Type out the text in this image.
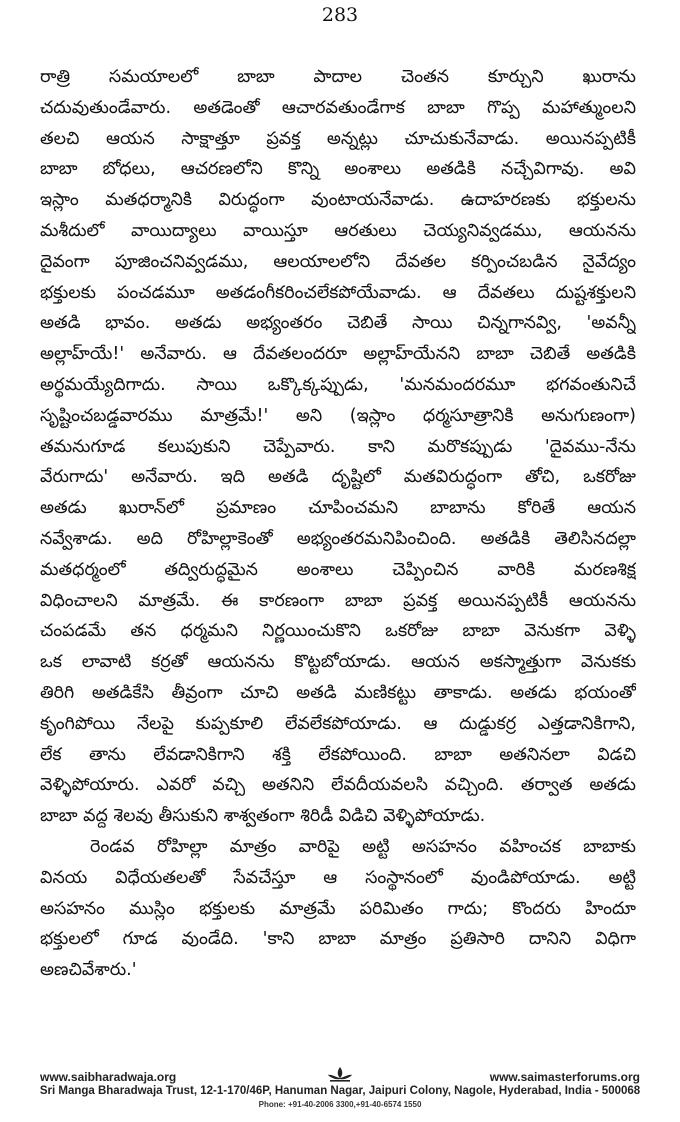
283
రాత్రి సమయాలలో బాబా పాదాల చెంతన కూర్చుని ఖురాను
చదువుతుండేవారు. అతడెంతో ఆచారవతుండేగాక బాబా గొప్ప మహాత్ముంలని
తలచి ఆయన సాక్షాత్తూ ప్రవక్త అన్నట్లు చూచుకునేవాడు. అయినప్పటికీ
బాబా బోధలు, ఆచరణలోని కొన్ని అంశాలు అతడికి నచ్చేవిగావు. అవి
ఇస్లాం మతధర్మానికి విరుద్ధంగా వుంటాయనేవాడు. ఉదాహరణకు భక్తులను
మశీదులో వాయిద్యాలు వాయిస్తూ ఆరతులు చెయ్యనివ్వడము, ఆయనను
దైవంగా పూజించనివ్వడము, ఆలయాలలోని దేవతల కర్పించబడిన నైవేద్యం
భక్తులకు పంచడమూ అతడంగీకరించలేకపోయేవాడు. ఆ దేవతలు దుష్టశక్తులని
అతడి భావం. అతడు అభ్యంతరం చెబితే సాయి చిన్నగానవ్వి, 'అవన్నీ
అల్లాహ్‌యే!' అనేవారు. ఆ దేవతలందరూ అల్లాహ్‌యేనని బాబా చెబితే అతడికి
అర్థమయ్యేదిగాదు. సాయి ఒక్కొక్కప్పుడు, 'మనమందరమూ భగవంతునిచే
సృష్టించబడ్డవారము మాత్రమే!' అని (ఇస్లాం ధర్మసూత్రానికి అనుగుణంగా)
తమనుగూడ కలుపుకుని చెప్పేవారు. కాని మరొకప్పుడు 'దైవము-నేను
వేరుగాదు' అనేవారు. ఇది అతడి దృష్టిలో మతవిరుద్ధంగా తోచి, ఒకరోజు
అతడు ఖురాన్‌లో ప్రమాణం చూపించమని బాబాను కోరితే ఆయన
నవ్వేశాడు. అది రోహిల్లాకెంతో అభ్యంతరమనిపించింది. అతడికి తెలిసినదల్లా
మతధర్మంలో తద్విరుద్ధమైన అంశాలు చెప్పించిన వారికి మరణశిక్ష
విధించాలని మాత్రమే. ఈ కారణంగా బాబా ప్రవక్త అయినప్పటికీ ఆయనను
చంపడమే తన ధర్మమని నిర్ణయించుకొని ఒకరోజు బాబా వెనుకగా వెళ్ళి
ఒక లావాటి కర్రతో ఆయనను కొట్టబోయాడు. ఆయన అకస్మాత్తుగా వెనుకకు
తిరిగి అతడికేసి తీవ్రంగా చూచి అతడి మణికట్టు తాకాడు. అతడు భయంతో
కృంగిపోయి నేలపై కుప్పకూలి లేవలేకపోయాడు. ఆ దుడ్డుకర్ర ఎత్తడానికిగాని,
లేక తాను లేవడానికిగాని శక్తి లేకపోయింది. బాబా అతనినలా విడచి
వెళ్ళిపోయారు. ఎవరో వచ్చి అతనిని లేవదీయవలసి వచ్చింది. తర్వాత అతడు
బాబా వద్ద శెలవు తీసుకుని శాశ్వతంగా శిరిడీ విడిచి వెళ్ళిపోయాడు.
రెండవ రోహిల్లా మాత్రం వారిపై అట్టి అసహనం వహించక బాబాకు
వినయ విధేయతలతో సేవచేస్తూ ఆ సంస్థానంలో వుండిపోయాడు. అట్టి
అసహనం ముస్లిం భక్తులకు మాత్రమే పరిమితం గాదు; కొందరు హిందూ
భక్తులలో గూడ వుండేది. 'కాని బాబా మాత్రం ప్రతిసారి దానిని విధిగా
అణచివేశారు.'
www.saibharadwaja.org	www.saimasterforums.org
Sri Manga Bharadwaja Trust, 12-1-170/46P, Hanuman Nagar, Jaipuri Colony, Nagole, Hyderabad, India - 500068
Phone: +91-40-2006 3300,+91-40-6574 1550
